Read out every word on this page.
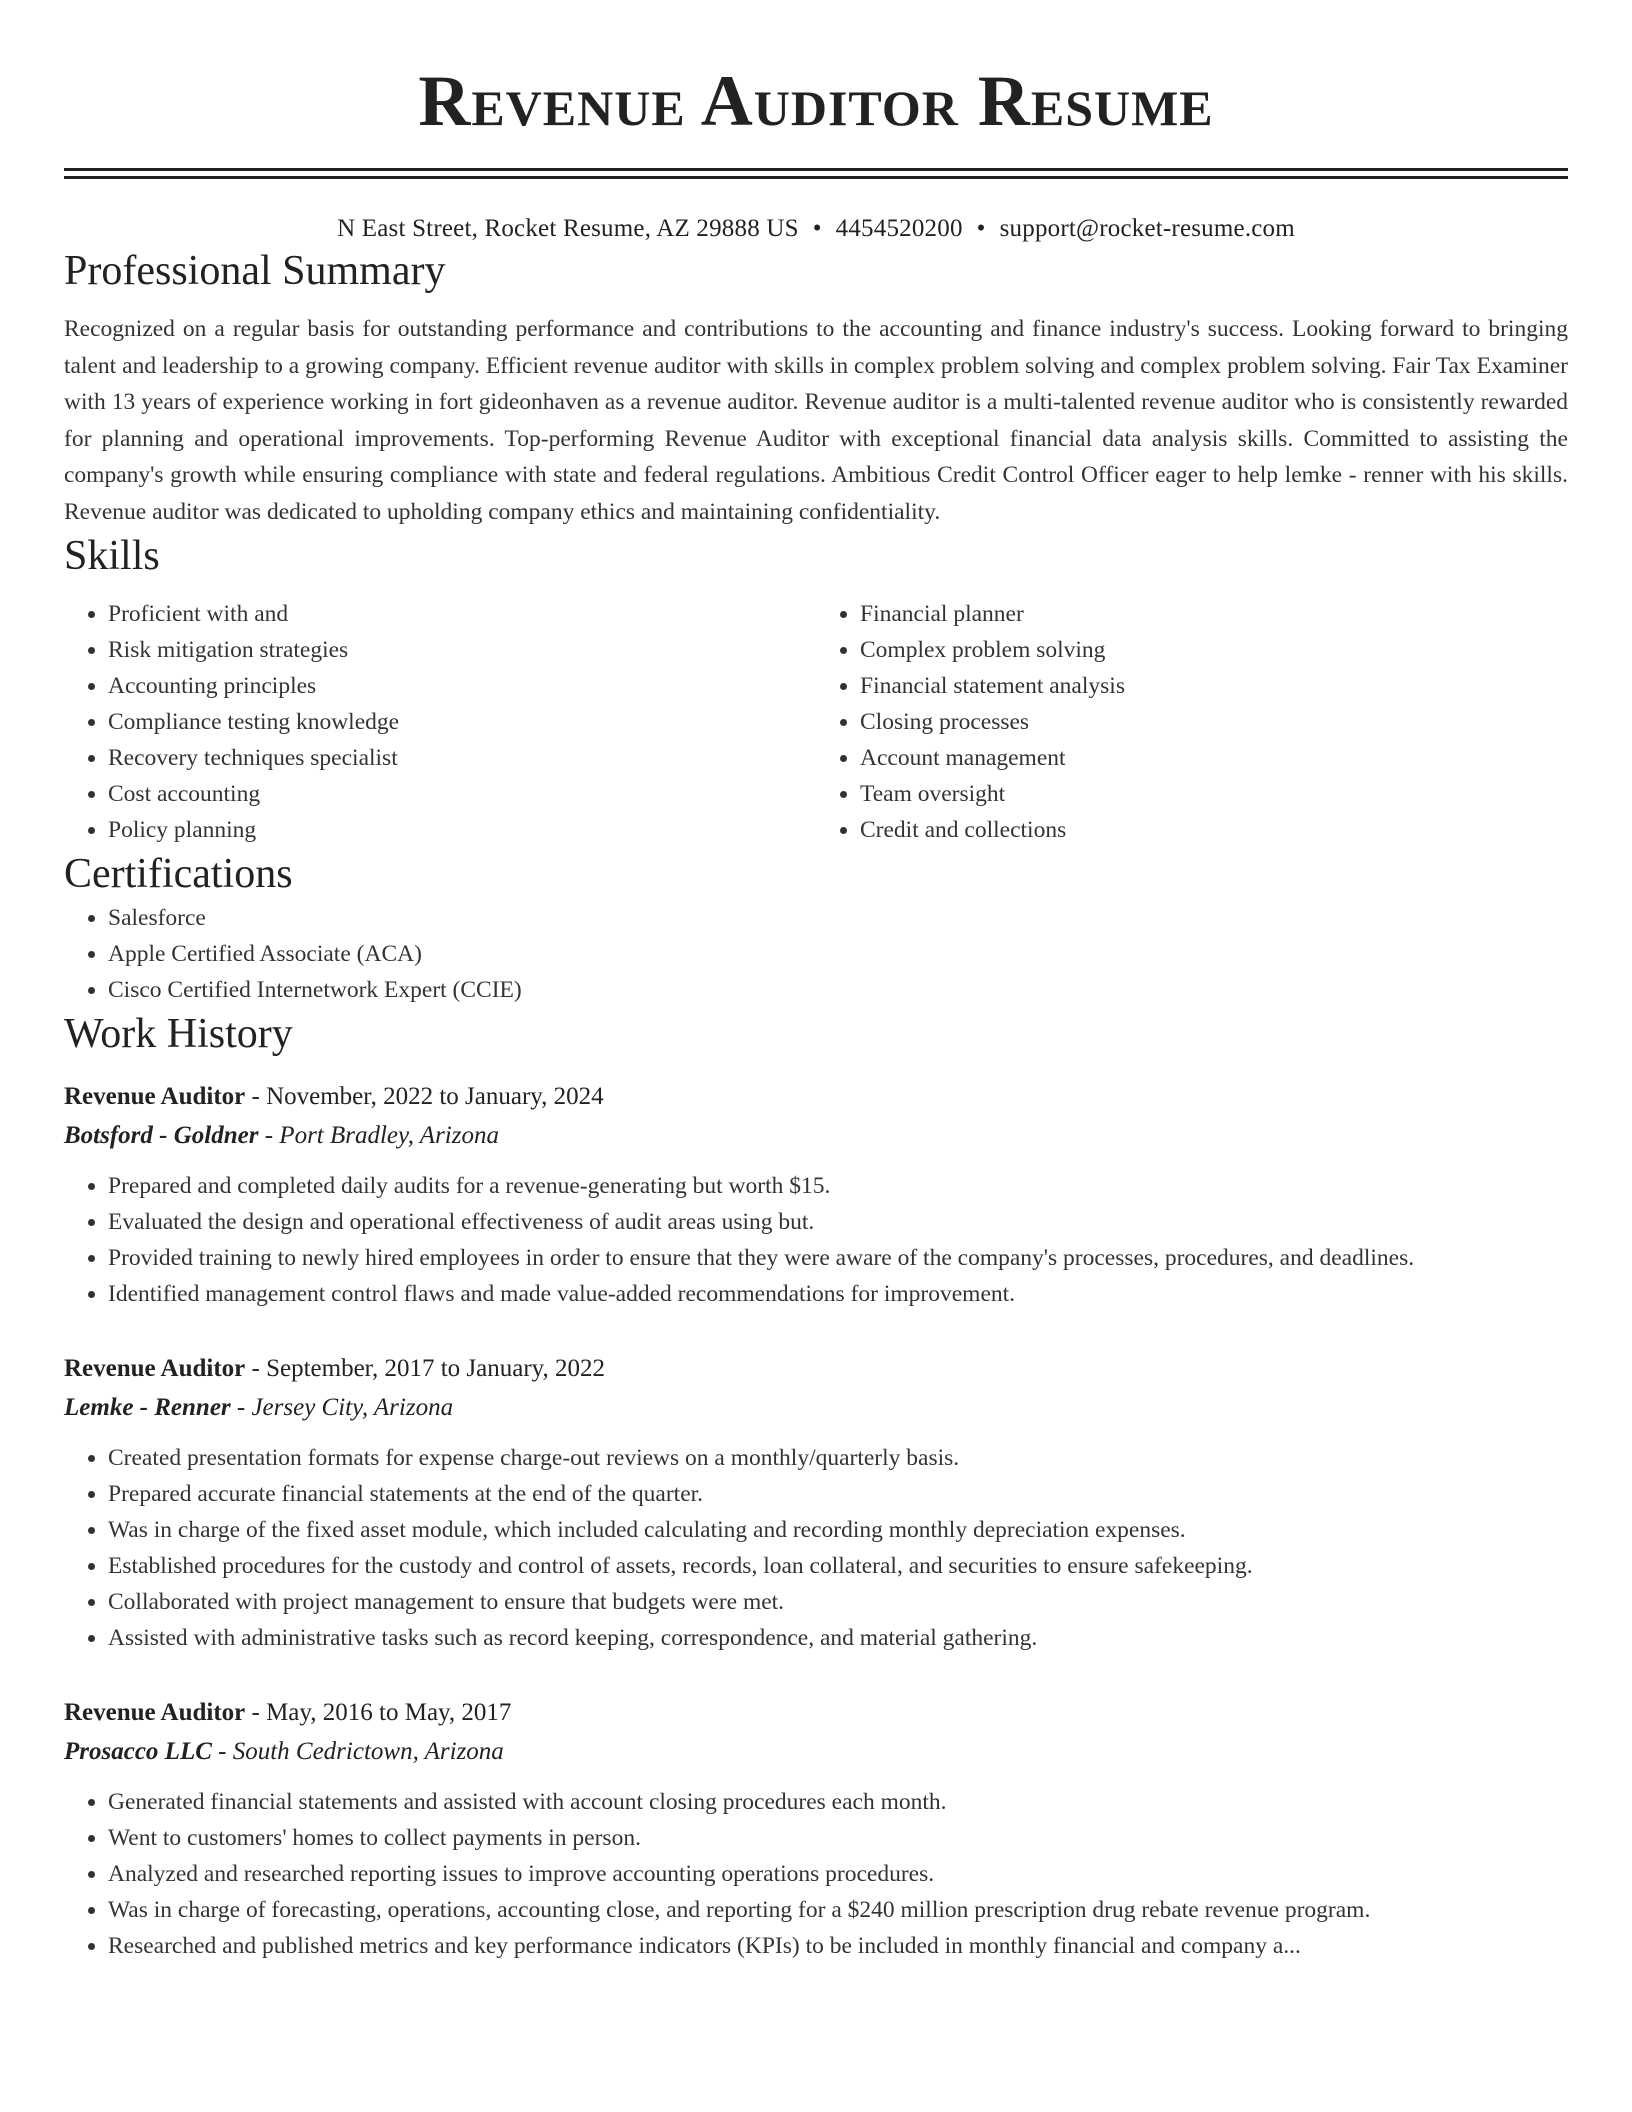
Revenue Auditor Resume
N East Street, Rocket Resume, AZ 29888 US • 4454520200 • support@rocket-resume.com
Professional Summary

Recognized on a regular basis for outstanding performance and contributions to the accounting and finance industry's success. Looking forward to bringing talent and leadership to a growing company. Efficient revenue auditor with skills in complex problem solving and complex problem solving. Fair Tax Examiner with 13 years of experience working in fort gideonhaven as a revenue auditor. Revenue auditor is a multi-talented revenue auditor who is consistently rewarded for planning and operational improvements. Top-performing Revenue Auditor with exceptional financial data analysis skills. Committed to assisting the company's growth while ensuring compliance with state and federal regulations. Ambitious Credit Control Officer eager to help lemke - renner with his skills. Revenue auditor was dedicated to upholding company ethics and maintaining confidentiality.

Skills
• Proficient with and
• Risk mitigation strategies
• Accounting principles
• Compliance testing knowledge
• Recovery techniques specialist
• Cost accounting
• Policy planning
• Financial planner
• Complex problem solving
• Financial statement analysis
• Closing processes
• Account management
• Team oversight
• Credit and collections
Certifications
• Salesforce
• Apple Certified Associate (ACA)
• Cisco Certified Internetwork Expert (CCIE)
Work History
Revenue Auditor - November, 2022 to January, 2024
Botsford - Goldner - Port Bradley, Arizona
• Prepared and completed daily audits for a revenue-generating but worth $15.
• Evaluated the design and operational effectiveness of audit areas using but.
• Provided training to newly hired employees in order to ensure that they were aware of the company's processes, procedures, and deadlines.
• Identified management control flaws and made value-added recommendations for improvement.
Revenue Auditor - September, 2017 to January, 2022
Lemke - Renner - Jersey City, Arizona
• Created presentation formats for expense charge-out reviews on a monthly/quarterly basis.
• Prepared accurate financial statements at the end of the quarter.
• Was in charge of the fixed asset module, which included calculating and recording monthly depreciation expenses.
• Established procedures for the custody and control of assets, records, loan collateral, and securities to ensure safekeeping.
• Collaborated with project management to ensure that budgets were met.
• Assisted with administrative tasks such as record keeping, correspondence, and material gathering.
Revenue Auditor - May, 2016 to May, 2017
Prosacco LLC - South Cedrictown, Arizona
• Generated financial statements and assisted with account closing procedures each month.
• Went to customers' homes to collect payments in person.
• Analyzed and researched reporting issues to improve accounting operations procedures.
• Was in charge of forecasting, operations, accounting close, and reporting for a $240 million prescription drug rebate revenue program.
• Researched and published metrics and key performance indicators (KPIs) to be included in monthly financial and company a...
